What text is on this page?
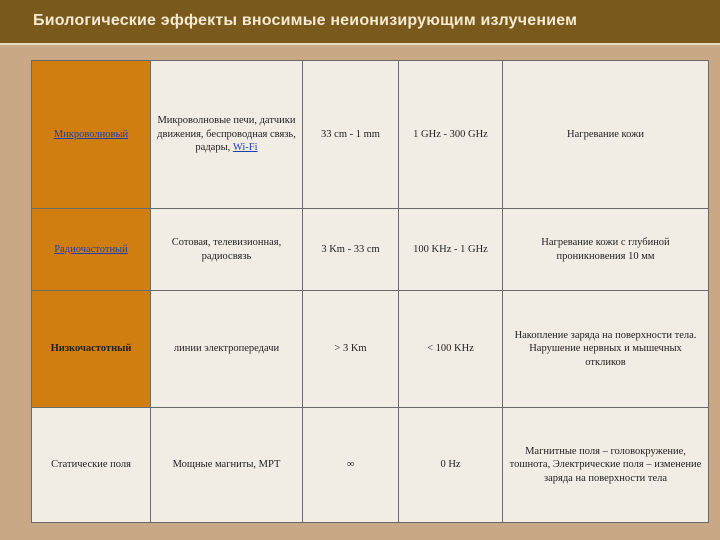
Биологические эффекты вносимые неионизирующим излучением
Микроволновый	Микроволновые печи, датчики движения, беспроводная связь, радары, Wi-Fi	33 cm - 1 mm	1 GHz - 300 GHz	Нагревание кожи
Радиочастотный	Сотовая, телевизионная, радиосвязь	3 Km - 33 cm	100 KHz - 1 GHz	Нагревание кожи с глубиной проникновения 10 мм
Низкочастотный	линии электропередачи	> 3 Km	< 100 KHz	Накопление заряда на поверхности тела. Нарушение нервных и мышечных откликов
Статические поля	Мощные магниты, МРТ	∞	0 Hz	Магнитные поля – головокружение, тошнота, Электрические поля – изменение заряда на поверхности тела
